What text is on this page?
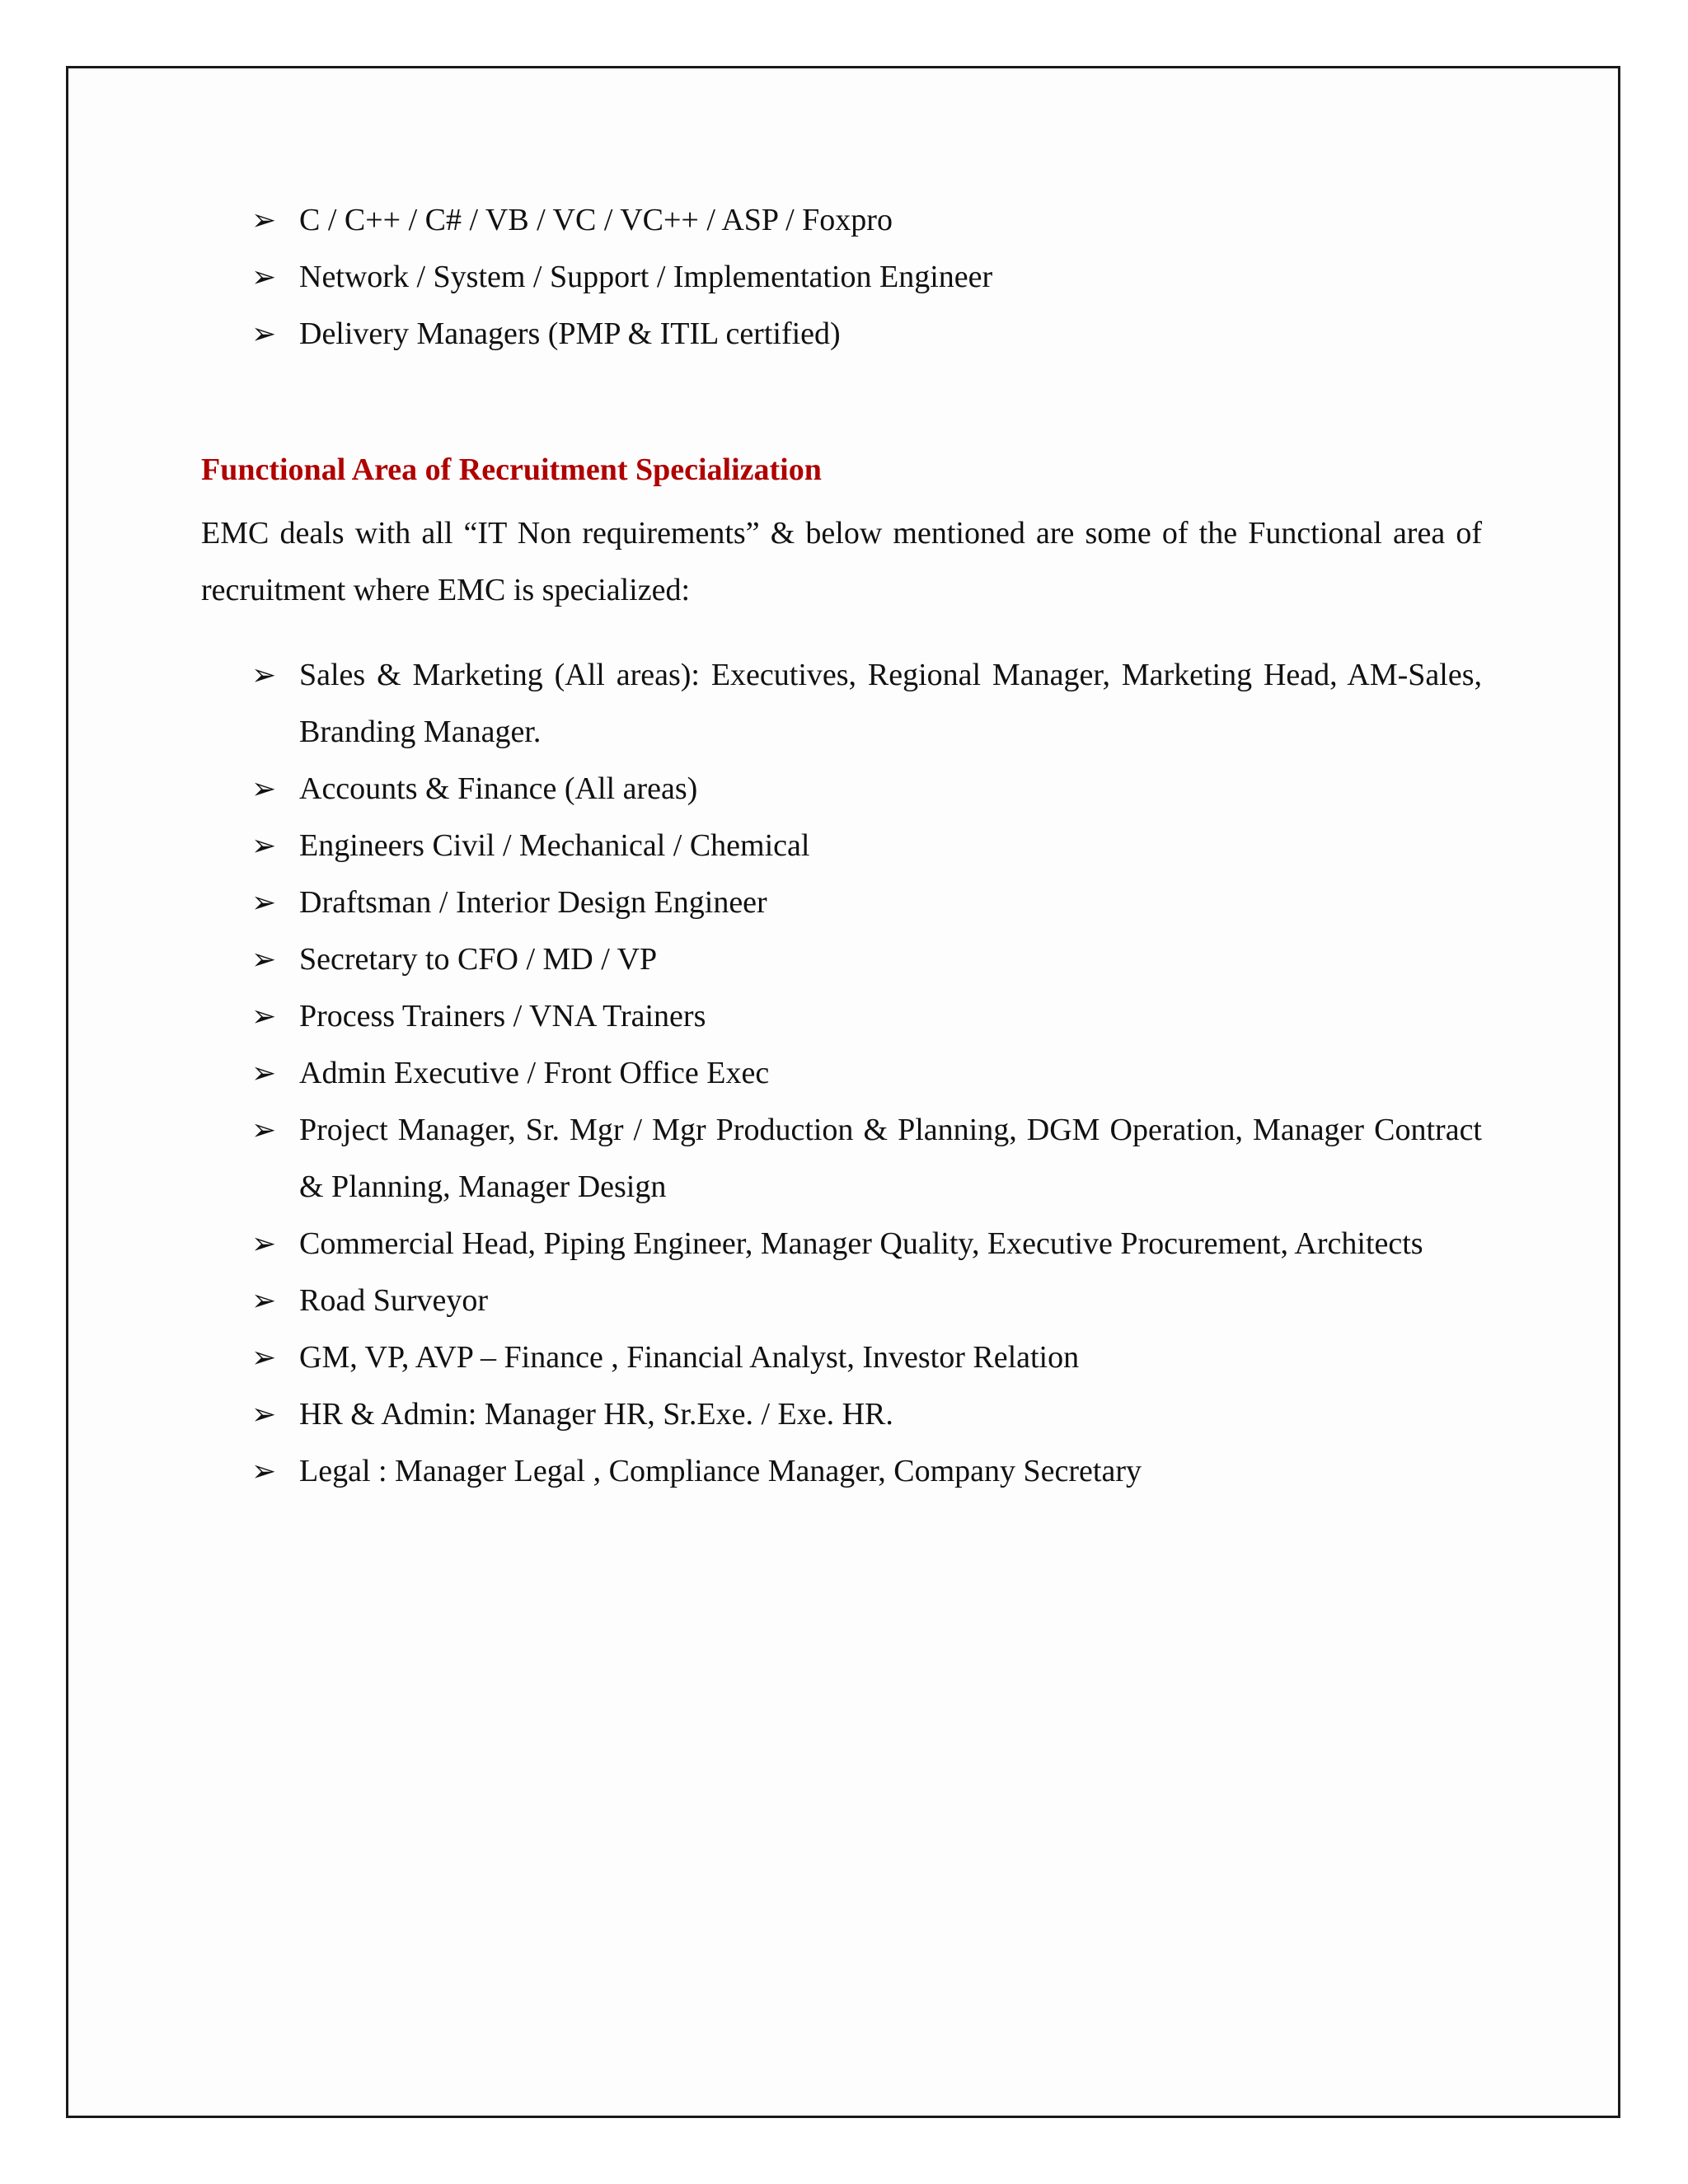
➢ C / C++ / C# / VB / VC / VC++ / ASP / Foxpro
➢ Network / System / Support / Implementation Engineer
➢ Delivery Managers (PMP & ITIL certified)
Functional Area of Recruitment Specialization

EMC deals with all “IT Non requirements” & below mentioned are some of the Functional area of recruitment where EMC is specialized:

➢ Sales & Marketing (All areas): Executives, Regional Manager, Marketing Head, AM-Sales, Branding Manager.
➢ Accounts & Finance (All areas)
➢ Engineers Civil / Mechanical / Chemical
➢ Draftsman / Interior Design Engineer
➢ Secretary to CFO / MD / VP
➢ Process Trainers / VNA Trainers
➢ Admin Executive / Front Office Exec
➢ Project Manager, Sr. Mgr / Mgr Production & Planning, DGM Operation, Manager Contract & Planning, Manager Design
➢ Commercial Head, Piping Engineer, Manager Quality, Executive Procurement, Architects
➢ Road Surveyor
➢ GM, VP, AVP – Finance , Financial Analyst, Investor Relation
➢ HR & Admin: Manager HR, Sr.Exe. / Exe. HR.
➢ Legal : Manager Legal , Compliance Manager, Company Secretary
